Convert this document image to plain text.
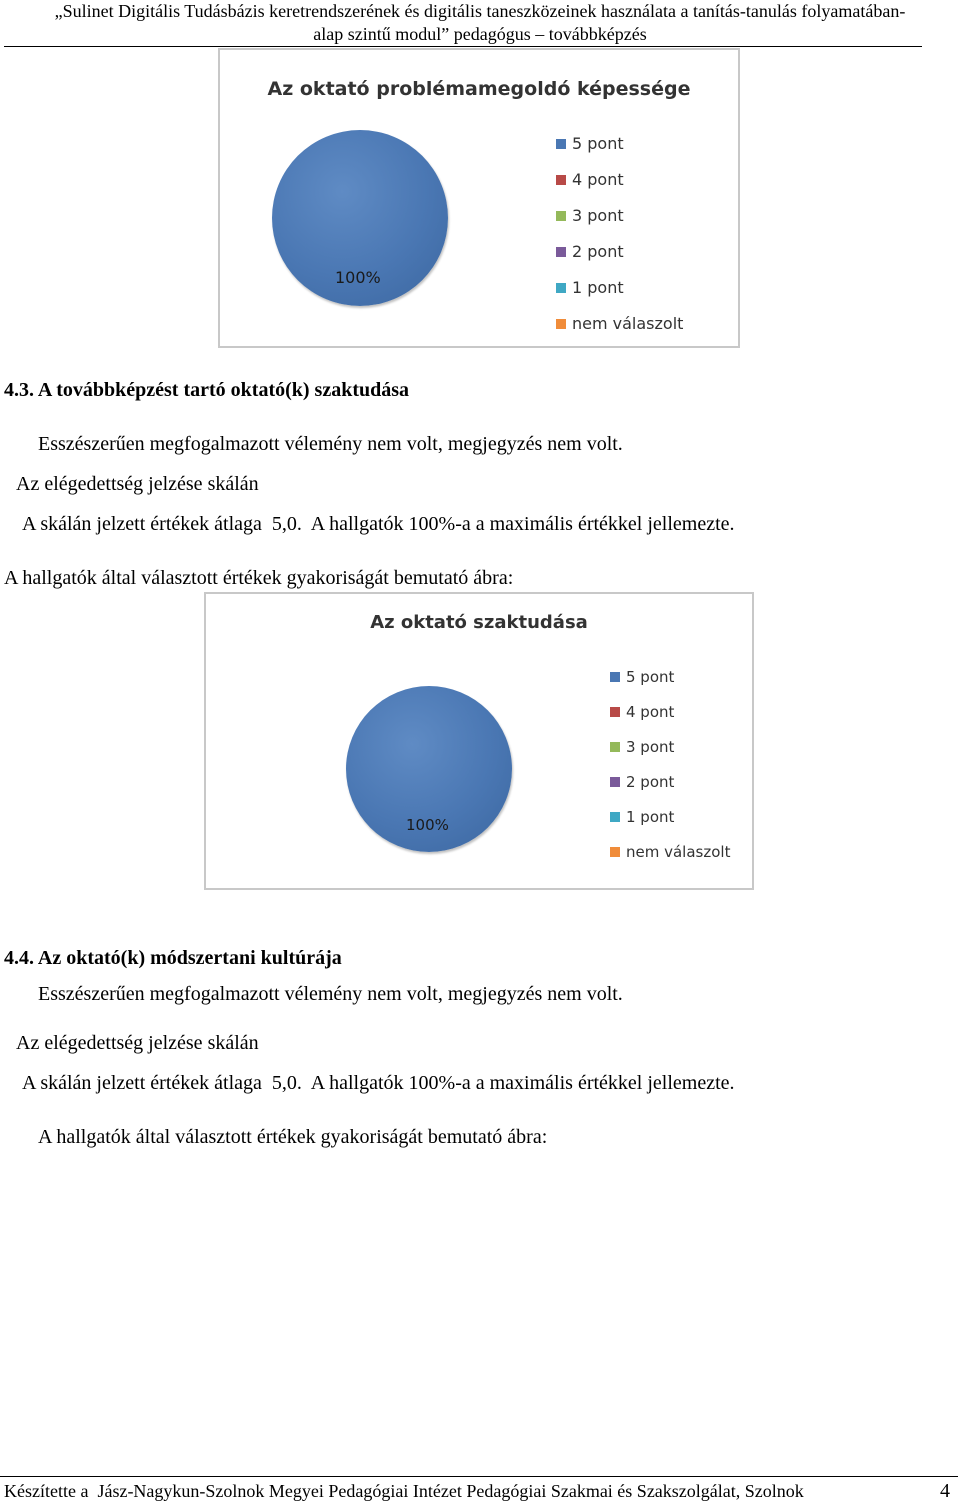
„Sulinet Digitális Tudásbázis keretrendszerének és digitális taneszközeinek használata a tanítás-tanulás folyamatában-
alap szintű modul” pedagógus – továbbképzés
Az oktató problémamegoldó képessége
100%
5 pont
4 pont
3 pont
2 pont
1 pont
nem válaszolt
4.3. A továbbképzést tartó oktató(k) szaktudása
Esszészerűen megfogalmazott vélemény nem volt, megjegyzés nem volt.
Az elégedettség jelzése skálán
A skálán jelzett értékek átlaga  5,0.  A hallgatók 100%-a a maximális értékkel jellemezte.
A hallgatók által választott értékek gyakoriságát bemutató ábra:
Az oktató szaktudása
100%
5 pont
4 pont
3 pont
2 pont
1 pont
nem válaszolt
4.4. Az oktató(k) módszertani kultúrája
Esszészerűen megfogalmazott vélemény nem volt, megjegyzés nem volt.
Az elégedettség jelzése skálán
A skálán jelzett értékek átlaga  5,0.  A hallgatók 100%-a a maximális értékkel jellemezte.
A hallgatók által választott értékek gyakoriságát bemutató ábra:
Készítette a  Jász-Nagykun-Szolnok Megyei Pedagógiai Intézet Pedagógiai Szakmai és Szakszolgálat, Szolnok	4
